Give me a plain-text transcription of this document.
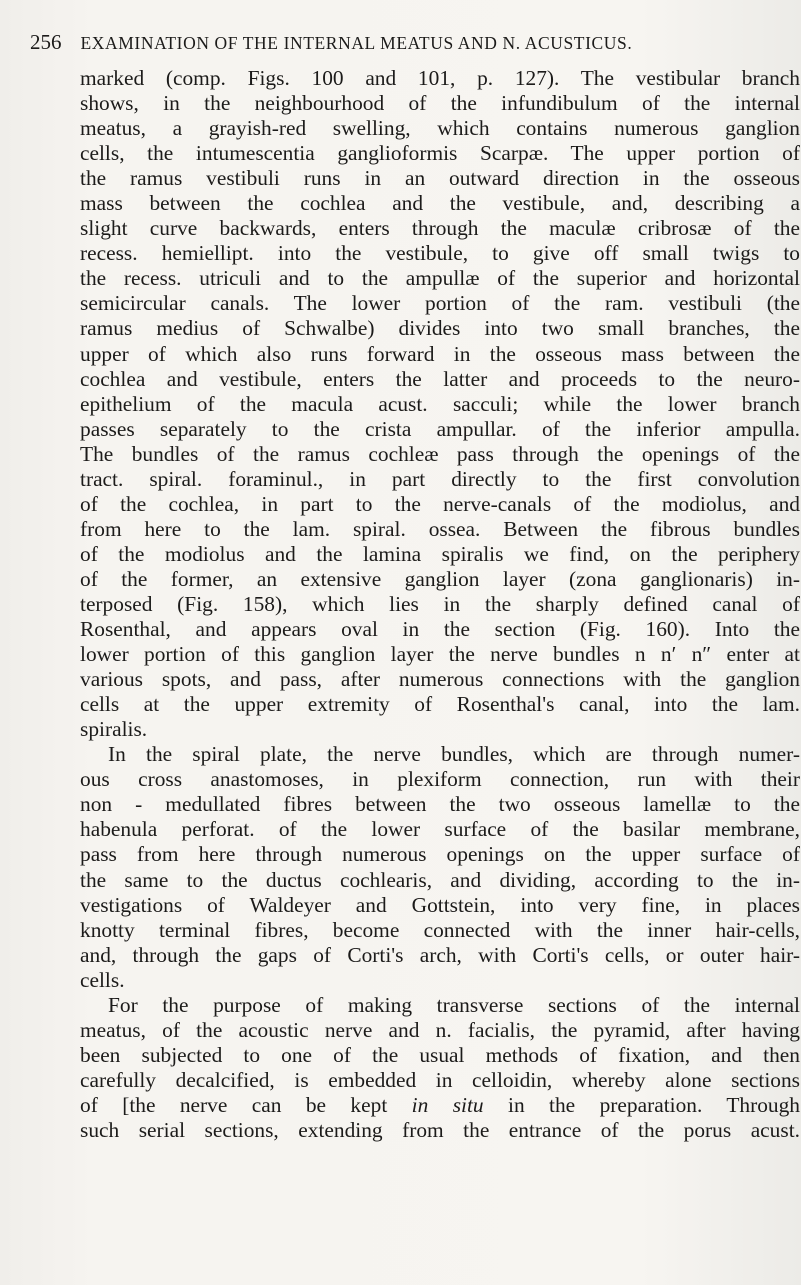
256 EXAMINATION OF THE INTERNAL MEATUS AND N. ACUSTICUS.
marked (comp. Figs. 100 and 101, p. 127). The vestibular branch
shows, in the neighbourhood of the infundibulum of the internal
meatus, a grayish-red swelling, which contains numerous ganglion
cells, the intumescentia ganglioformis Scarpæ. The upper portion of
the ramus vestibuli runs in an outward direction in the osseous
mass between the cochlea and the vestibule, and, describing a
slight curve backwards, enters through the maculæ cribrosæ of the
recess. hemiellipt. into the vestibule, to give off small twigs to
the recess. utriculi and to the ampullæ of the superior and horizontal
semicircular canals. The lower portion of the ram. vestibuli (the
ramus medius of Schwalbe) divides into two small branches, the
upper of which also runs forward in the osseous mass between the
cochlea and vestibule, enters the latter and proceeds to the neuro-
epithelium of the macula acust. sacculi; while the lower branch
passes separately to the crista ampullar. of the inferior ampulla.
The bundles of the ramus cochleæ pass through the openings of the
tract. spiral. foraminul., in part directly to the first convolution
of the cochlea, in part to the nerve-canals of the modiolus, and
from here to the lam. spiral. ossea. Between the fibrous bundles
of the modiolus and the lamina spiralis we find, on the periphery
of the former, an extensive ganglion layer (zona ganglionaris) in-
terposed (Fig. 158), which lies in the sharply defined canal of
Rosenthal, and appears oval in the section (Fig. 160). Into the
lower portion of this ganglion layer the nerve bundles n n′ n″ enter at
various spots, and pass, after numerous connections with the ganglion
cells at the upper extremity of Rosenthal's canal, into the lam.
spiralis.
In the spiral plate, the nerve bundles, which are through numer-
ous cross anastomoses, in plexiform connection, run with their
non - medullated fibres between the two osseous lamellæ to the
habenula perforat. of the lower surface of the basilar membrane,
pass from here through numerous openings on the upper surface of
the same to the ductus cochlearis, and dividing, according to the in-
vestigations of Waldeyer and Gottstein, into very fine, in places
knotty terminal fibres, become connected with the inner hair-cells,
and, through the gaps of Corti's arch, with Corti's cells, or outer hair-
cells.
For the purpose of making transverse sections of the internal
meatus, of the acoustic nerve and n. facialis, the pyramid, after having
been subjected to one of the usual methods of fixation, and then
carefully decalcified, is embedded in celloidin, whereby alone sections
of [the nerve can be kept in situ in the preparation. Through
such serial sections, extending from the entrance of the porus acust.
